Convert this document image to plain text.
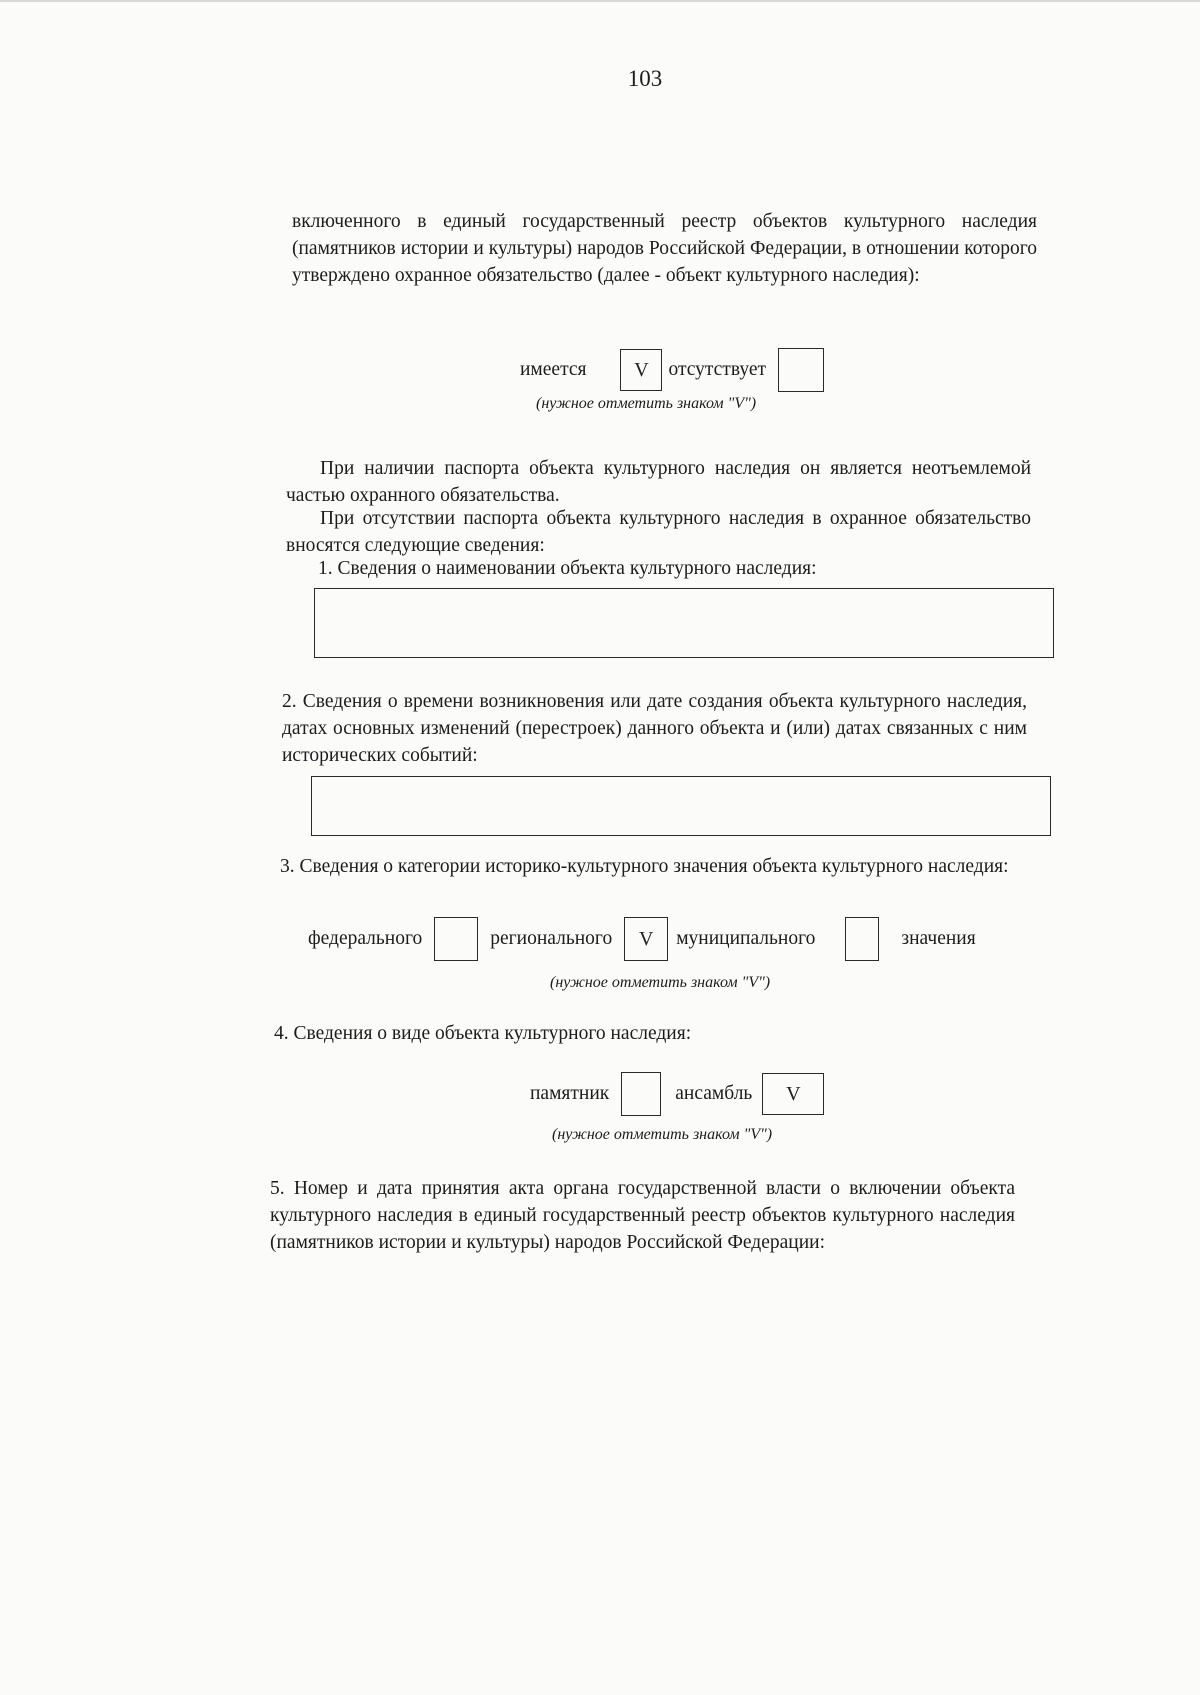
103
включенного в единый государственный реестр объектов культурного наследия (памятников истории и культуры) народов Российской Федерации, в отношении которого утверждено охранное обязательство (далее - объект культурного наследия):
имеется	V	отсутствует
(нужное отметить знаком "V")
При наличии паспорта объекта культурного наследия он является неотъемлемой частью охранного обязательства.
При отсутствии паспорта объекта культурного наследия в охранное обязательство вносятся следующие сведения:
1. Сведения о наименовании объекта культурного наследия:
2. Сведения о времени возникновения или дате создания объекта культурного наследия, датах основных изменений (перестроек) данного объекта и (или) датах связанных с ним исторических событий:
3. Сведения о категории историко-культурного значения объекта культурного наследия:
федерального	регионального	V	муниципального	значения
(нужное отметить знаком "V")
4. Сведения о виде объекта культурного наследия:
памятник	ансамбль	V
(нужное отметить знаком "V")
5. Номер и дата принятия акта органа государственной власти о включении объекта культурного наследия в единый государственный реестр объектов культурного наследия (памятников истории и культуры) народов Российской Федерации:
